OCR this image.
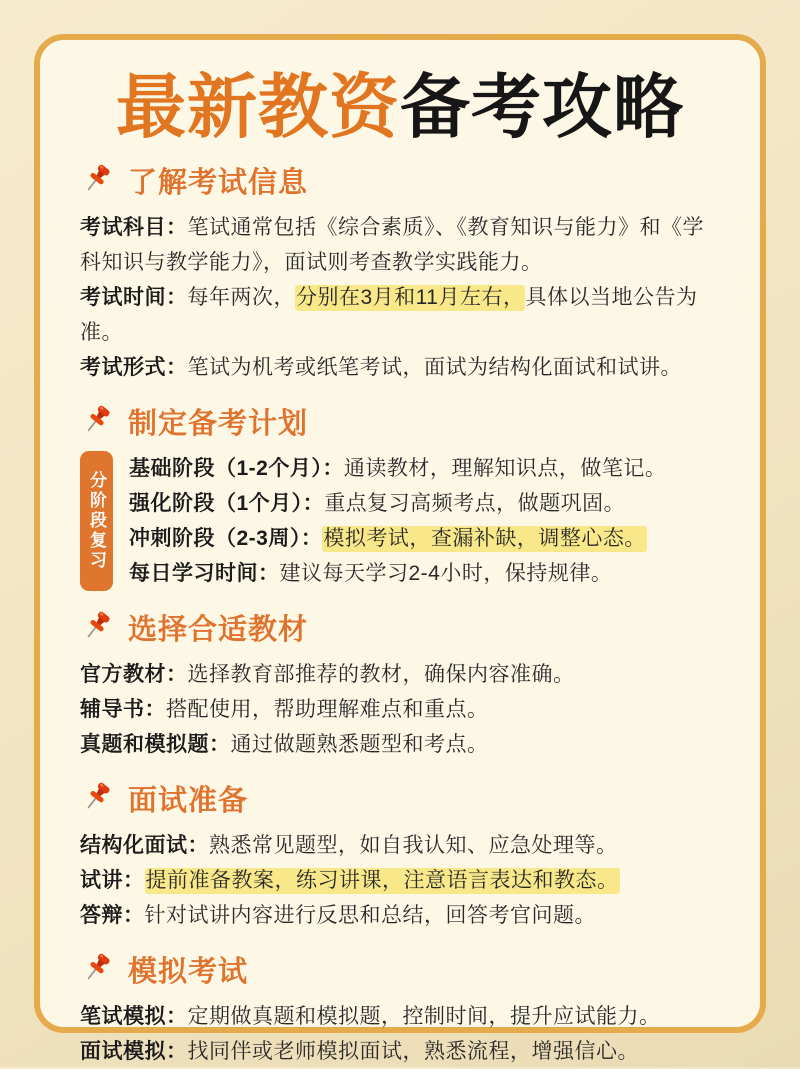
最新教资备考攻略
了解考试信息

考试科目：笔试通常包括《综合素质》、《教育知识与能力》和《学科知识与教学能力》，面试则考查教学实践能力。

考试时间：每年两次，分别在3月和11月左右，具体以当地公告为准。

考试形式：笔试为机考或纸笔考试，面试为结构化面试和试讲。

制定备考计划
分阶段复习

基础阶段（1-2个月）：通读教材，理解知识点，做笔记。

强化阶段（1个月）：重点复习高频考点，做题巩固。

冲刺阶段（2-3周）：模拟考试，查漏补缺，调整心态。

每日学习时间：建议每天学习2-4小时，保持规律。

选择合适教材

官方教材：选择教育部推荐的教材，确保内容准确。

辅导书：搭配使用，帮助理解难点和重点。

真题和模拟题：通过做题熟悉题型和考点。

面试准备

结构化面试：熟悉常见题型，如自我认知、应急处理等。

试讲：提前准备教案，练习讲课，注意语言表达和教态。

答辩：针对试讲内容进行反思和总结，回答考官问题。

模拟考试

笔试模拟：定期做真题和模拟题，控制时间，提升应试能力。

面试模拟：找同伴或老师模拟面试，熟悉流程，增强信心。
